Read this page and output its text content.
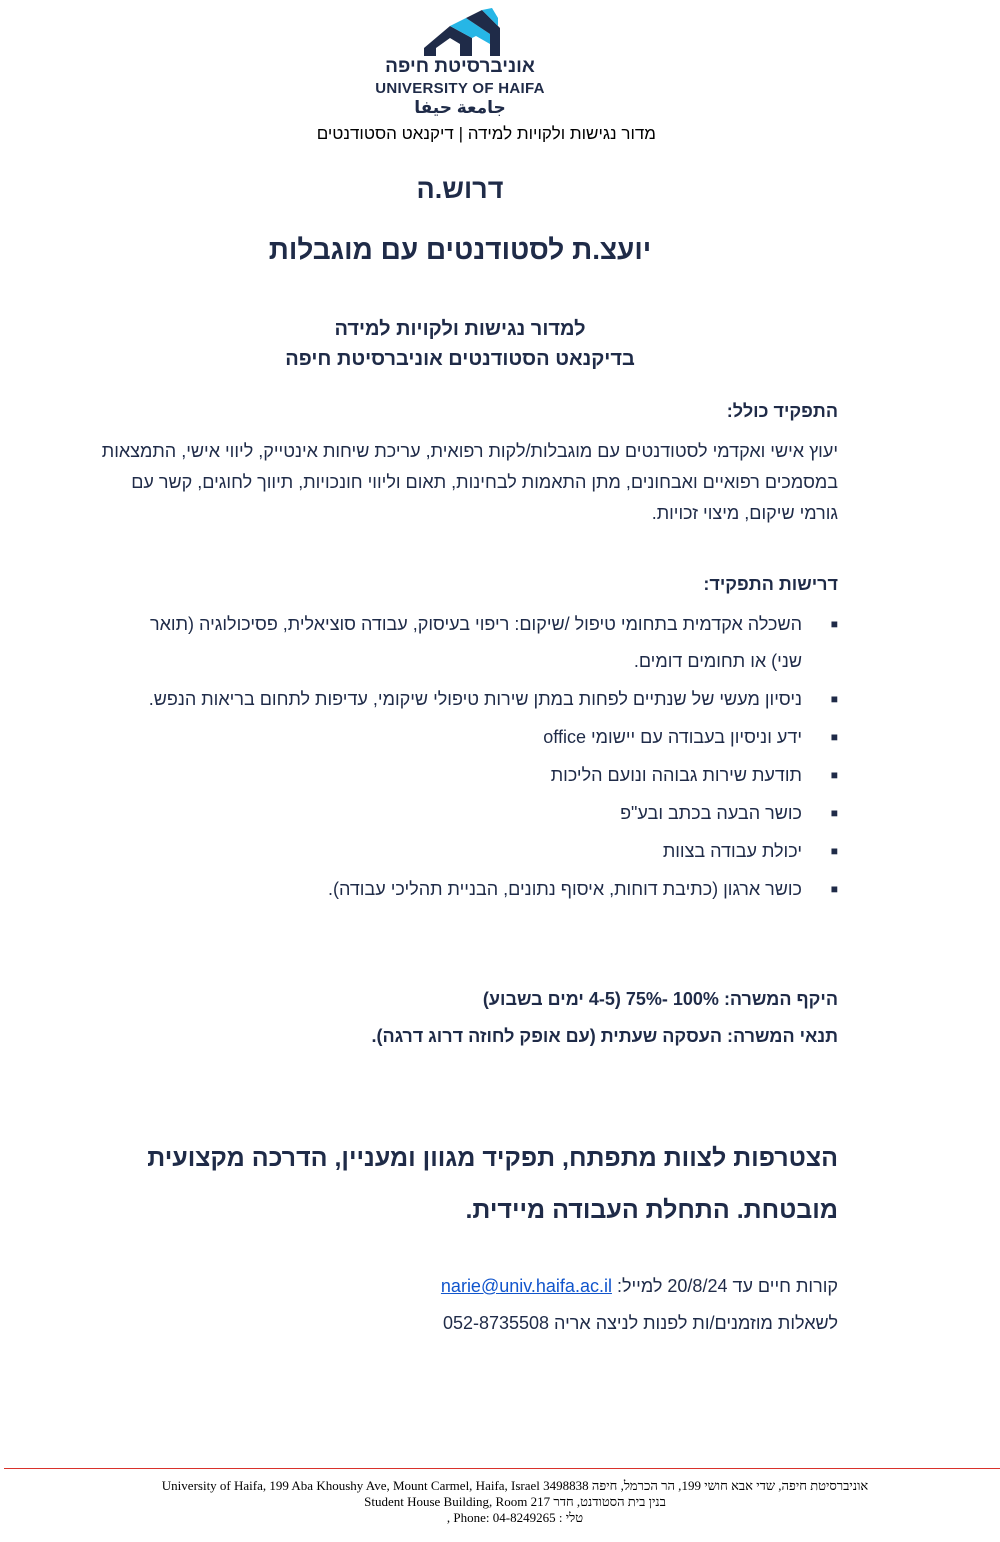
אוניברסיטת חיפה
UNIVERSITY OF HAIFA
جامعة حيفا
מדור נגישות ולקויות למידה | דיקנאט הסטודנטים
דרוש.ה
יועצ.ת לסטודנטים עם מוגבלות
למדור נגישות ולקויות למידה
בדיקנאט הסטודנטים אוניברסיטת חיפה
התפקיד כולל:
יעוץ אישי ואקדמי לסטודנטים עם מוגבלות/לקות רפואית, עריכת שיחות אינטייק, ליווי אישי, התמצאות במסמכים רפואיים ואבחונים, מתן התאמות לבחינות, תאום וליווי חונכויות, תיווך לחוגים, קשר עם גורמי שיקום, מיצוי זכויות.
דרישות התפקיד:
■
השכלה אקדמית בתחומי טיפול /שיקום: ריפוי בעיסוק, עבודה סוציאלית, פסיכולוגיה (תואר שני) או תחומים דומים.
■
ניסיון מעשי של שנתיים לפחות במתן שירות טיפולי שיקומי, עדיפות לתחום בריאות הנפש.
■
ידע וניסיון בעבודה עם יישומי office
■
תודעת שירות גבוהה ונועם הליכות
■
כושר הבעה בכתב ובע"פ
■
יכולת עבודה בצוות
■
כושר ארגון (כתיבת דוחות, איסוף נתונים, הבניית תהליכי עבודה).
היקף המשרה: 100% -75% (4-5 ימים בשבוע)
תנאי המשרה: העסקה שעתית (עם אופק לחוזה דרוג דרגה).
הצטרפות לצוות מתפתח, תפקיד מגוון ומעניין, הדרכה מקצועית מובטחת. התחלת העבודה מיידית.
קורות חיים עד 20/8/24 למייל: narie@univ.haifa.ac.il
לשאלות מוזמנים/ות לפנות לניצה אריה 052-8735508
University of Haifa, 199 Aba Khoushy Ave, Mount Carmel, Haifa, Israel 3498838 אוניברסיטת חיפה, שדי אבא חושי 199, הר הכרמל, חיפה
Student House Building, Room 217 בנין בית הסטודנט, חדר
, Phone: 04-8249265 : טלי
